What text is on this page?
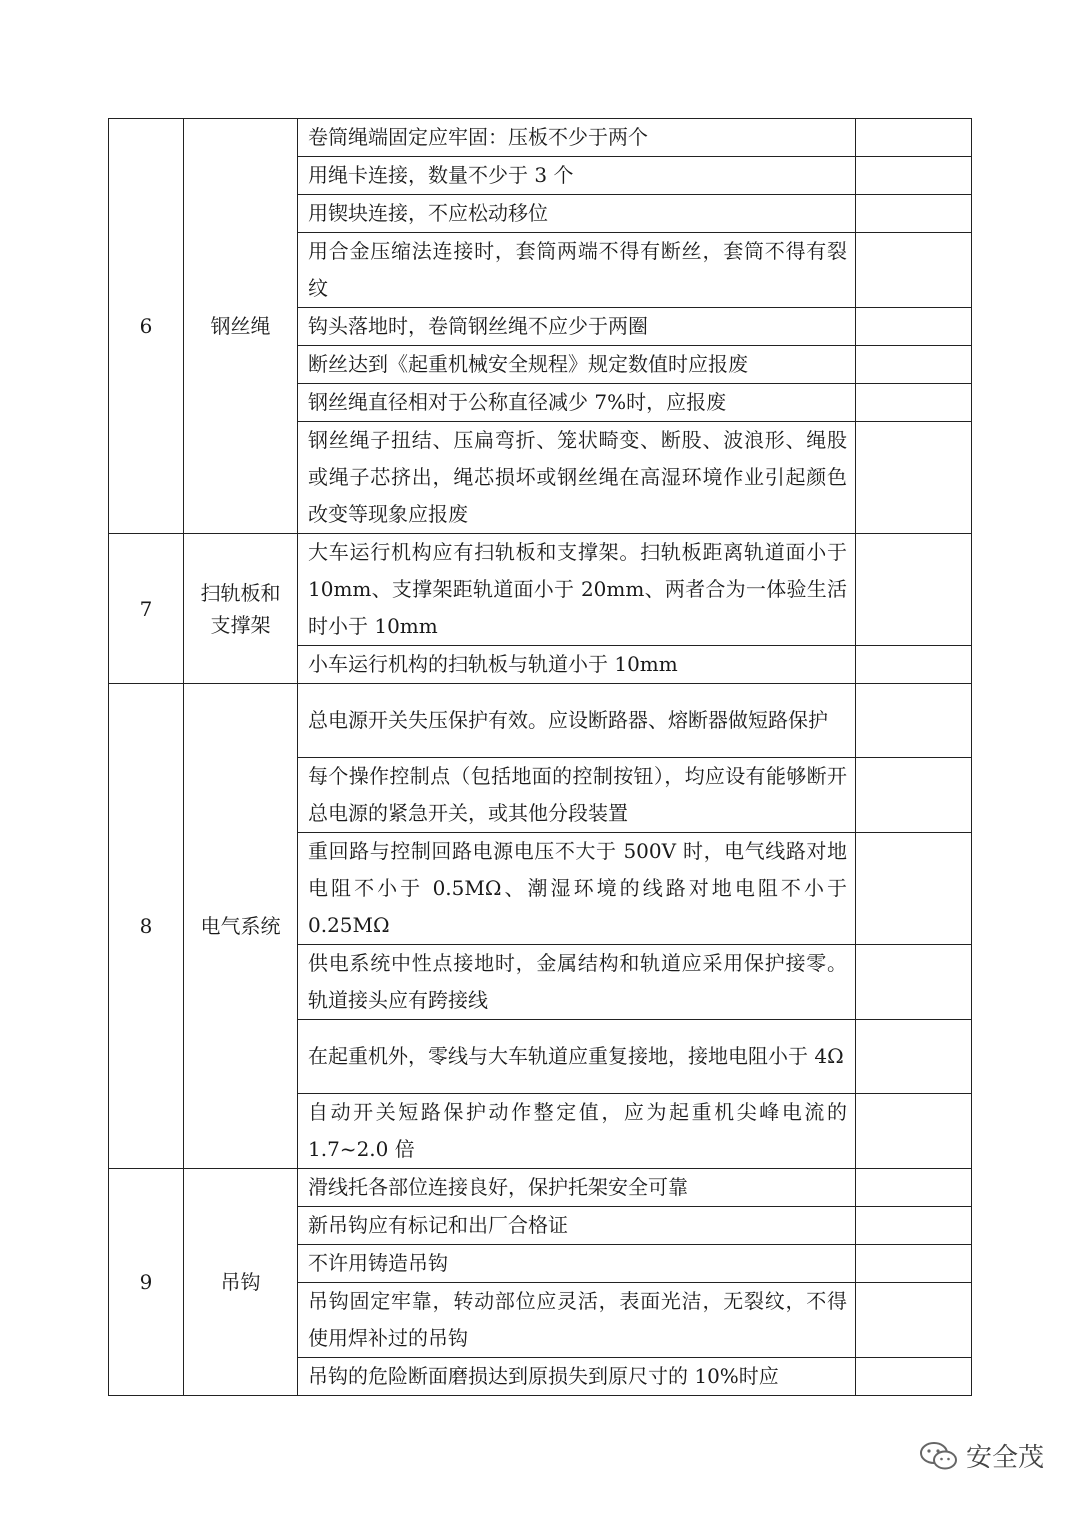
6	钢丝绳	卷筒绳端固定应牢固：压板不少于两个	
		用绳卡连接，数量不少于 3 个	
		用锲块连接，不应松动移位	
		用合金压缩法连接时，套筒两端不得有断丝，套筒不得有裂纹	
		钩头落地时，卷筒钢丝绳不应少于两圈	
		断丝达到《起重机械安全规程》规定数值时应报废	
		钢丝绳直径相对于公称直径减少 7%时，应报废	
		钢丝绳子扭结、压扁弯折、笼状畸变、断股、波浪形、绳股或绳子芯挤出，绳芯损坏或钢丝绳在高湿环境作业引起颜色改变等现象应报废	
7	扫轨板和支撑架	大车运行机构应有扫轨板和支撑架。扫轨板距离轨道面小于 10mm、支撑架距轨道面小于 20mm、两者合为一体验生活时小于 10mm	
		小车运行机构的扫轨板与轨道小于 10mm	
8	电气系统	总电源开关失压保护有效。应设断路器、熔断器做短路保护	
		每个操作控制点（包括地面的控制按钮），均应设有能够断开总电源的紧急开关，或其他分段装置	
		重回路与控制回路电源电压不大于 500V 时，电气线路对地电阻不小于 0.5MΩ、潮湿环境的线路对地电阻不小于 0.25MΩ	
		供电系统中性点接地时，金属结构和轨道应采用保护接零。轨道接头应有跨接线	
		在起重机外，零线与大车轨道应重复接地，接地电阻小于 4Ω	
		自动开关短路保护动作整定值，应为起重机尖峰电流的 1.7~2.0 倍	
9	吊钩	滑线托各部位连接良好，保护托架安全可靠	
		新吊钩应有标记和出厂合格证	
		不许用铸造吊钩	
		吊钩固定牢靠，转动部位应灵活，表面光洁，无裂纹，不得使用焊补过的吊钩	
		吊钩的危险断面磨损达到原损失到原尺寸的 10%时应	
安全茂
